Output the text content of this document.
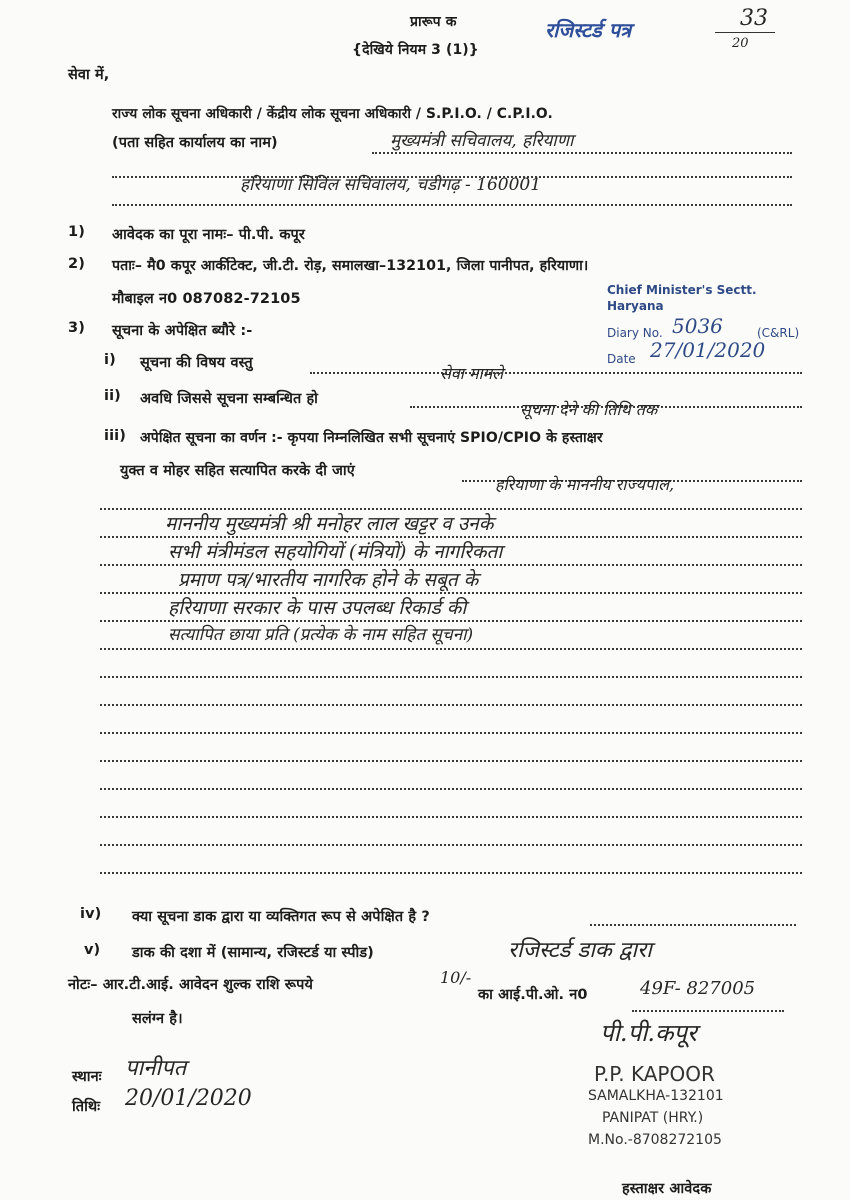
प्रारूप क
{देखिये नियम 3 (1)}
रजिस्टर्ड पत्र	33
20
सेवा में,
राज्य लोक सूचना अधिकारी / केंद्रीय लोक सूचना अधिकारी / S.P.I.O. / C.P.I.O.
(पता सहित कार्यालय का नाम)	मुख्यमंत्री सचिवालय, हरियाणा
हरियाणा सिविल सचिवालय, चंडीगढ़ - 160001
1) आवेदक का पूरा नामः– पी.पी. कपूर
2) पताः– मै0 कपूर आर्कीटेक्ट, जी.टी. रोड़, समालखा–132101, जिला पानीपत, हरियाणा।
मौबाइल न0 087082-72105
Chief Minister's Sectt.
Haryana
Diary No. 5036	(C&RL)
Date 27/01/2020
3) सूचना के अपेक्षित ब्यौरे :-
i) सूचना की विषय वस्तु
सेवा मामले
ii) अवधि जिससे सूचना सम्बन्धित हो
सूचना देने की तिथि तक
iii) अपेक्षित सूचना का वर्णन :- कृपया निम्नलिखित सभी सूचनाएं SPIO/CPIO के हस्ताक्षर
युक्त व मोहर सहित सत्यापित करके दी जाएं
हरियाणा के माननीय राज्यपाल,
माननीय मुख्यमंत्री श्री मनोहर लाल खट्टर व उनके
सभी मंत्रीमंडल सहयोगियों (मंत्रियों) के नागरिकता
प्रमाण पत्र/भारतीय नागरिक होने के सबूत के
हरियाणा सरकार के पास उपलब्ध रिकार्ड की
सत्यापित छाया प्रति (प्रत्येक के नाम सहित सूचना)
iv) क्या सूचना डाक द्वारा या व्यक्तिगत रूप से अपेक्षित है ?
v) डाक की दशा में (सामान्य, रजिस्टर्ड या स्पीड)	रजिस्टर्ड डाक द्वारा
नोटः– आर.टी.आई. आवेदन शुल्क राशि रूपये	10/-
का आई.पी.ओ. न0	49F- 827005
सलंग्न है।
स्थानः पानीपत
तिथिः 20/01/2020
पी.पी.कपूर
P.P. KAPOOR
SAMALKHA-132101
PANIPAT (HRY.)
M.No.-8708272105
हस्ताक्षर आवेदक
